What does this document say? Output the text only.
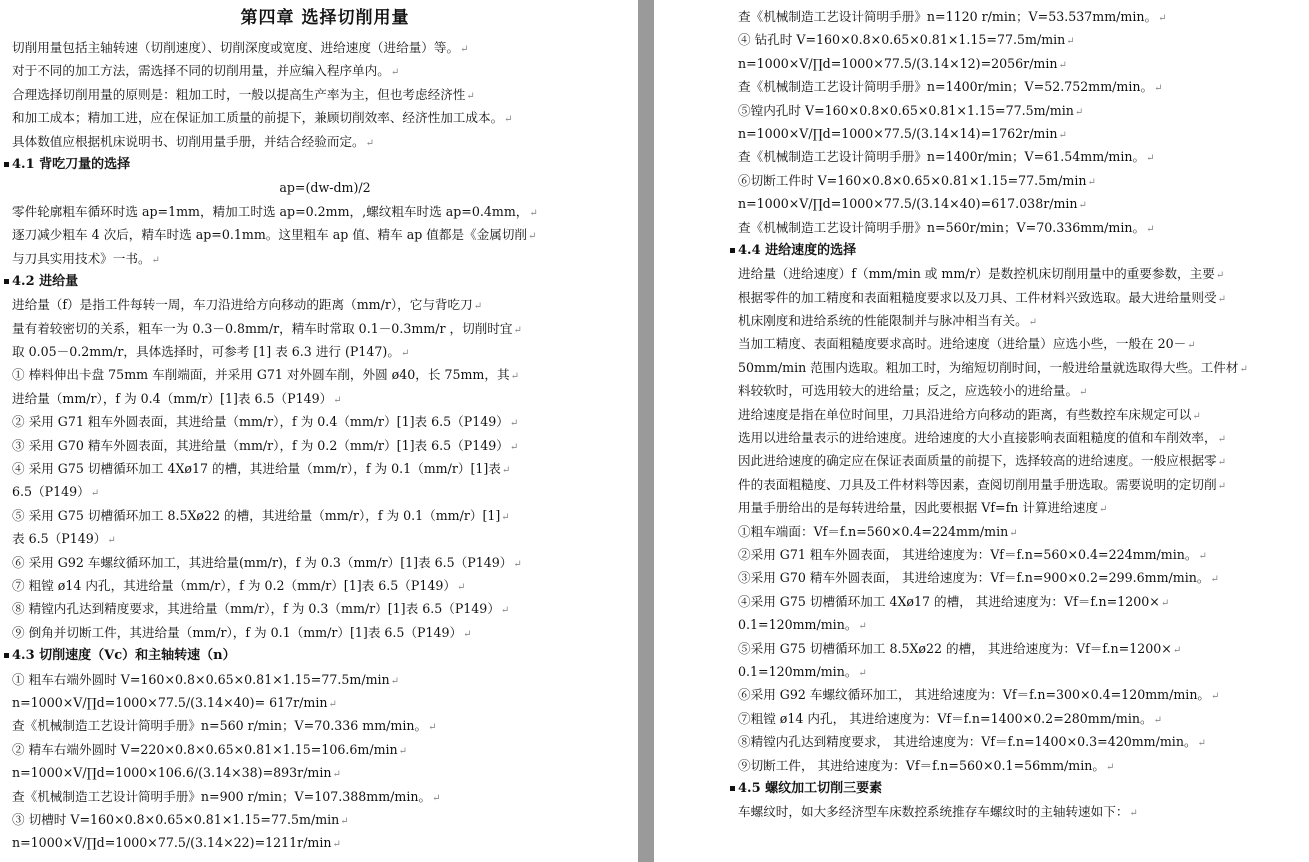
第四章 选择切削用量
切削用量包括主轴转速（切削速度）、切削深度或宽度、进给速度（进给量）等。↵
对于不同的加工方法，需选择不同的切削用量，并应编入程序单内。↵
合理选择切削用量的原则是：粗加工时，一般以提高生产率为主，但也考虑经济性↵
和加工成本；精加工进，应在保证加工质量的前提下，兼顾切削效率、经济性加工成本。↵
具体数值应根据机床说明书、切削用量手册，并结合经验而定。↵
4.1 背吃刀量的选择
ap=(dw-dm)/2
零件轮廓粗车循环时选 ap=1mm，精加工时选 ap=0.2mm，,螺纹粗车时选 ap=0.4mm，↵
逐刀减少粗车 4 次后，精车时选 ap=0.1mm。这里粗车 ap 值、精车 ap 值都是《金属切削↵
与刀具实用技术》一书。↵
4.2 进给量
进给量（f）是指工件每转一周，车刀沿进给方向移动的距离（mm/r），它与背吃刀↵
量有着较密切的关系，粗车一为 0.3－0.8mm/r，精车时常取 0.1－0.3mm/r ，切削时宜↵
取 0.05－0.2mm/r，具体选择时，可参考 [1] 表 6.3 进行 (P147)。↵
① 棒料伸出卡盘 75mm 车削端面，并采用 G71 对外圆车削，外圆 ø40，长 75mm，其↵
进给量（mm/r），f 为 0.4（mm/r）[1]表 6.5（P149）↵
② 采用 G71 粗车外圆表面，其进给量（mm/r），f 为 0.4（mm/r）[1]表 6.5（P149）↵
③ 采用 G70 精车外圆表面，其进给量（mm/r），f 为 0.2（mm/r）[1]表 6.5（P149）↵
④ 采用 G75 切槽循环加工 4Xø17 的槽，其进给量（mm/r），f 为 0.1（mm/r）[1]表↵
6.5（P149）↵
⑤ 采用 G75 切槽循环加工 8.5Xø22 的槽，其进给量（mm/r），f 为 0.1（mm/r）[1]↵
表 6.5（P149）↵
⑥ 采用 G92 车螺纹循环加工，其进给量(mm/r)，f 为 0.3（mm/r）[1]表 6.5（P149）↵
⑦ 粗镗 ø14 内孔，其进给量（mm/r），f 为 0.2（mm/r）[1]表 6.5（P149）↵
⑧ 精镗内孔达到精度要求，其进给量（mm/r），f 为 0.3（mm/r）[1]表 6.5（P149）↵
⑨ 倒角并切断工件，其进给量（mm/r），f 为 0.1（mm/r）[1]表 6.5（P149）↵
4.3 切削速度（Vc）和主轴转速（n）
① 粗车右端外圆时 V=160×0.8×0.65×0.81×1.15=77.5m/min↵
n=1000×V/∏d=1000×77.5/(3.14×40)= 617r/min↵
查《机械制造工艺设计简明手册》n=560 r/min；V=70.336 mm/min。↵
② 精车右端外圆时 V=220×0.8×0.65×0.81×1.15=106.6m/min↵
n=1000×V/∏d=1000×106.6/(3.14×38)=893r/min↵
查《机械制造工艺设计简明手册》n=900 r/min；V=107.388mm/min。↵
③ 切槽时 V=160×0.8×0.65×0.81×1.15=77.5m/min↵
n=1000×V/∏d=1000×77.5/(3.14×22)=1211r/min↵
查《机械制造工艺设计简明手册》n=1120 r/min；V=53.537mm/min。↵
④ 钻孔时 V=160×0.8×0.65×0.81×1.15=77.5m/min↵
n=1000×V/∏d=1000×77.5/(3.14×12)=2056r/min↵
查《机械制造工艺设计简明手册》n=1400r/min；V=52.752mm/min。↵
⑤镗内孔时 V=160×0.8×0.65×0.81×1.15=77.5m/min↵
n=1000×V/∏d=1000×77.5/(3.14×14)=1762r/min↵
查《机械制造工艺设计简明手册》n=1400r/min；V=61.54mm/min。↵
⑥切断工件时 V=160×0.8×0.65×0.81×1.15=77.5m/min↵
n=1000×V/∏d=1000×77.5/(3.14×40)=617.038r/min↵
查《机械制造工艺设计简明手册》n=560r/min；V=70.336mm/min。↵
4.4 进给速度的选择
进给量（进给速度）f（mm/min 或 mm/r）是数控机床切削用量中的重要参数，主要↵
根据零件的加工精度和表面粗糙度要求以及刀具、工件材料兴致选取。最大进给量则受↵
机床刚度和进给系统的性能限制并与脉冲相当有关。↵
当加工精度、表面粗糙度要求高时。进给速度（进给量）应选小些，一般在 20－↵
50mm/min 范围内选取。粗加工时，为缩短切削时间，一般进给量就选取得大些。工件材↵
料较软时，可选用较大的进给量；反之，应选较小的进给量。↵
进给速度是指在单位时间里，刀具沿进给方向移动的距离，有些数控车床规定可以↵
选用以进给量表示的进给速度。进给速度的大小直接影响表面粗糙度的值和车削效率，↵
因此进给速度的确定应在保证表面质量的前提下，选择较高的进给速度。一般应根据零↵
件的表面粗糙度、刀具及工件材料等因素，查阅切削用量手册选取。需要说明的定切削↵
用量手册给出的是每转进给量，因此要根据 Vf=fn 计算进给速度↵
①粗车端面：Vf＝f.n=560×0.4=224mm/min↵
②采用 G71 粗车外圆表面， 其进给速度为：Vf＝f.n=560×0.4=224mm/min。↵
③采用 G70 精车外圆表面， 其进给速度为：Vf＝f.n=900×0.2=299.6mm/min。↵
④采用 G75 切槽循环加工 4Xø17 的槽， 其进给速度为：Vf＝f.n=1200×↵
0.1=120mm/min。↵
⑤采用 G75 切槽循环加工 8.5Xø22 的槽， 其进给速度为：Vf＝f.n=1200×↵
0.1=120mm/min。↵
⑥采用 G92 车螺纹循环加工， 其进给速度为：Vf＝f.n=300×0.4=120mm/min。↵
⑦粗镗 ø14 内孔， 其进给速度为：Vf＝f.n=1400×0.2=280mm/min。↵
⑧精镗内孔达到精度要求， 其进给速度为：Vf＝f.n=1400×0.3=420mm/min。↵
⑨切断工件， 其进给速度为：Vf＝f.n=560×0.1=56mm/min。↵
4.5 螺纹加工切削三要素
车螺纹时，如大多经济型车床数控系统推存车螺纹时的主轴转速如下：↵
